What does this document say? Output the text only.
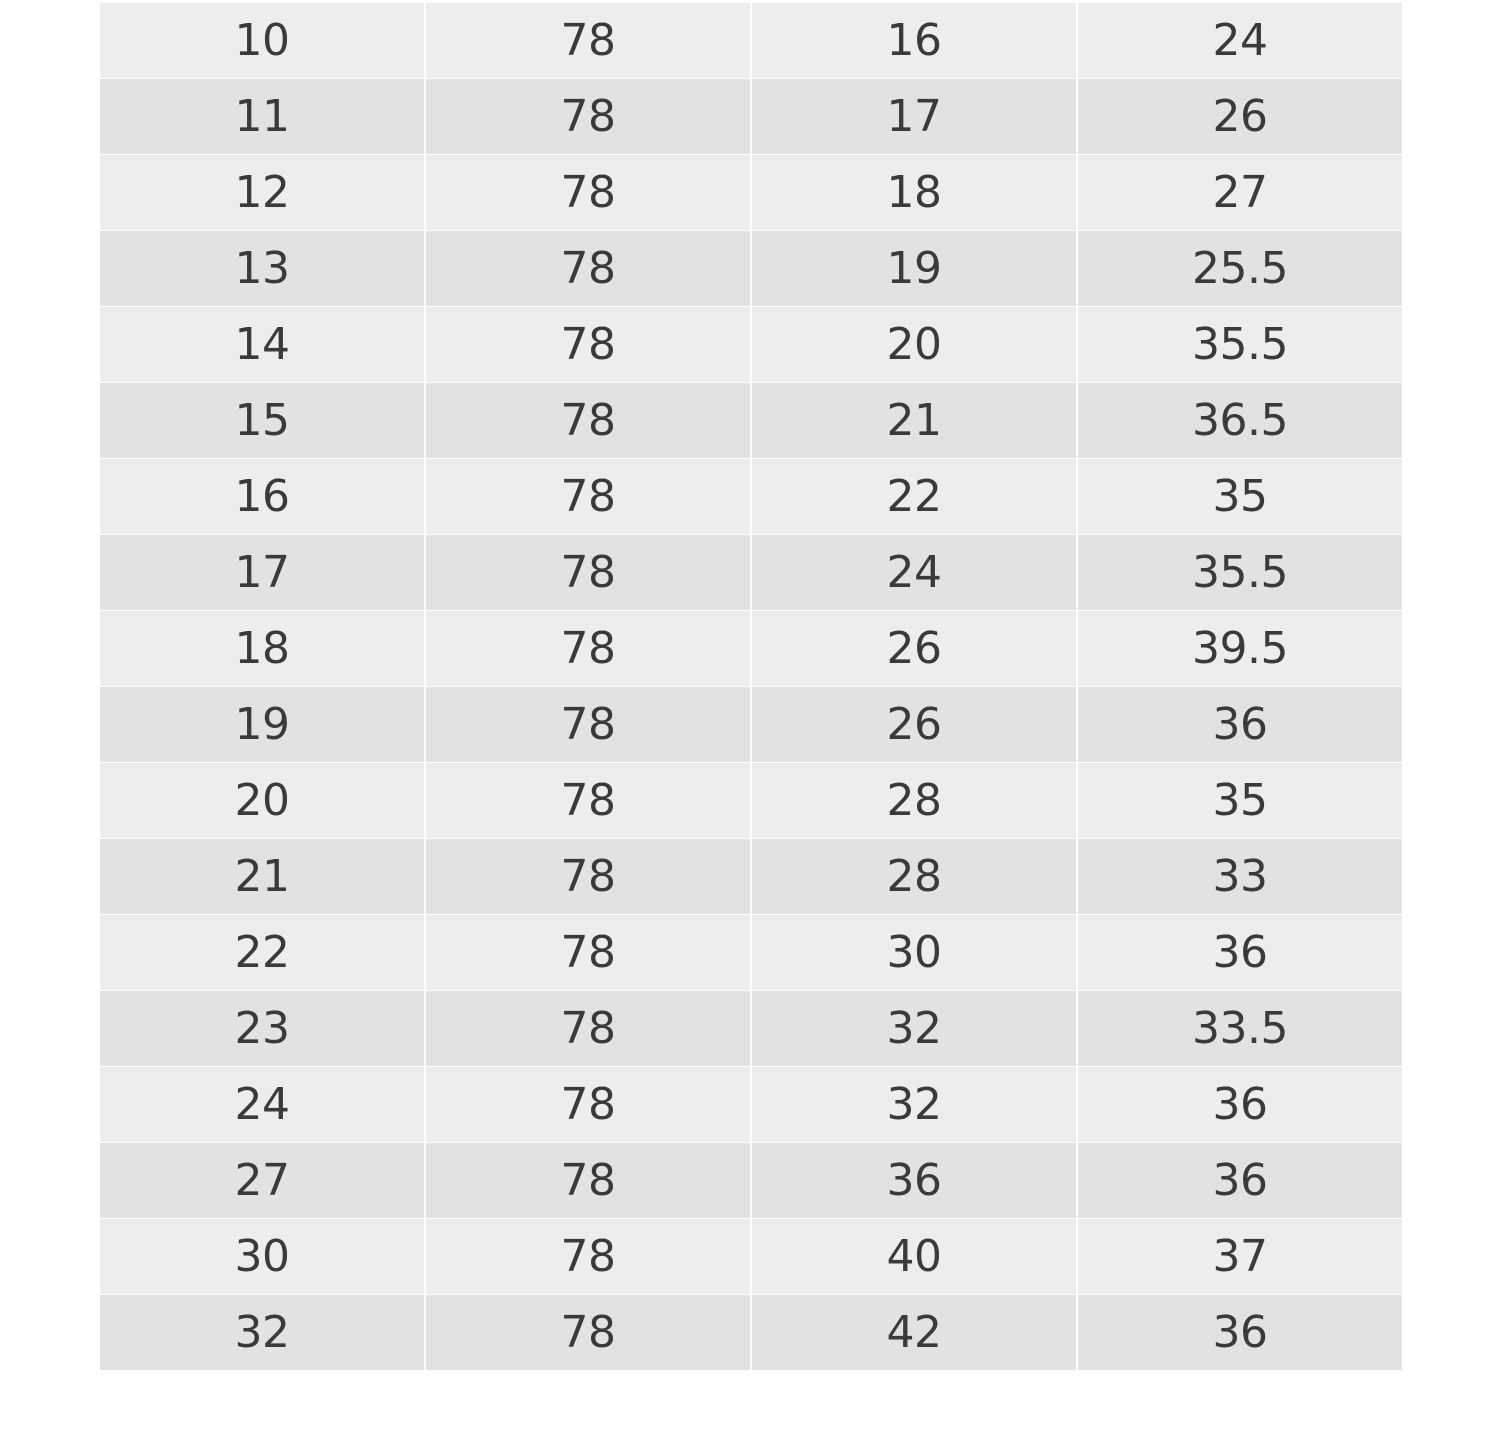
10	78	16	24
11	78	17	26
12	78	18	27
13	78	19	25.5
14	78	20	35.5
15	78	21	36.5
16	78	22	35
17	78	24	35.5
18	78	26	39.5
19	78	26	36
20	78	28	35
21	78	28	33
22	78	30	36
23	78	32	33.5
24	78	32	36
27	78	36	36
30	78	40	37
32	78	42	36
